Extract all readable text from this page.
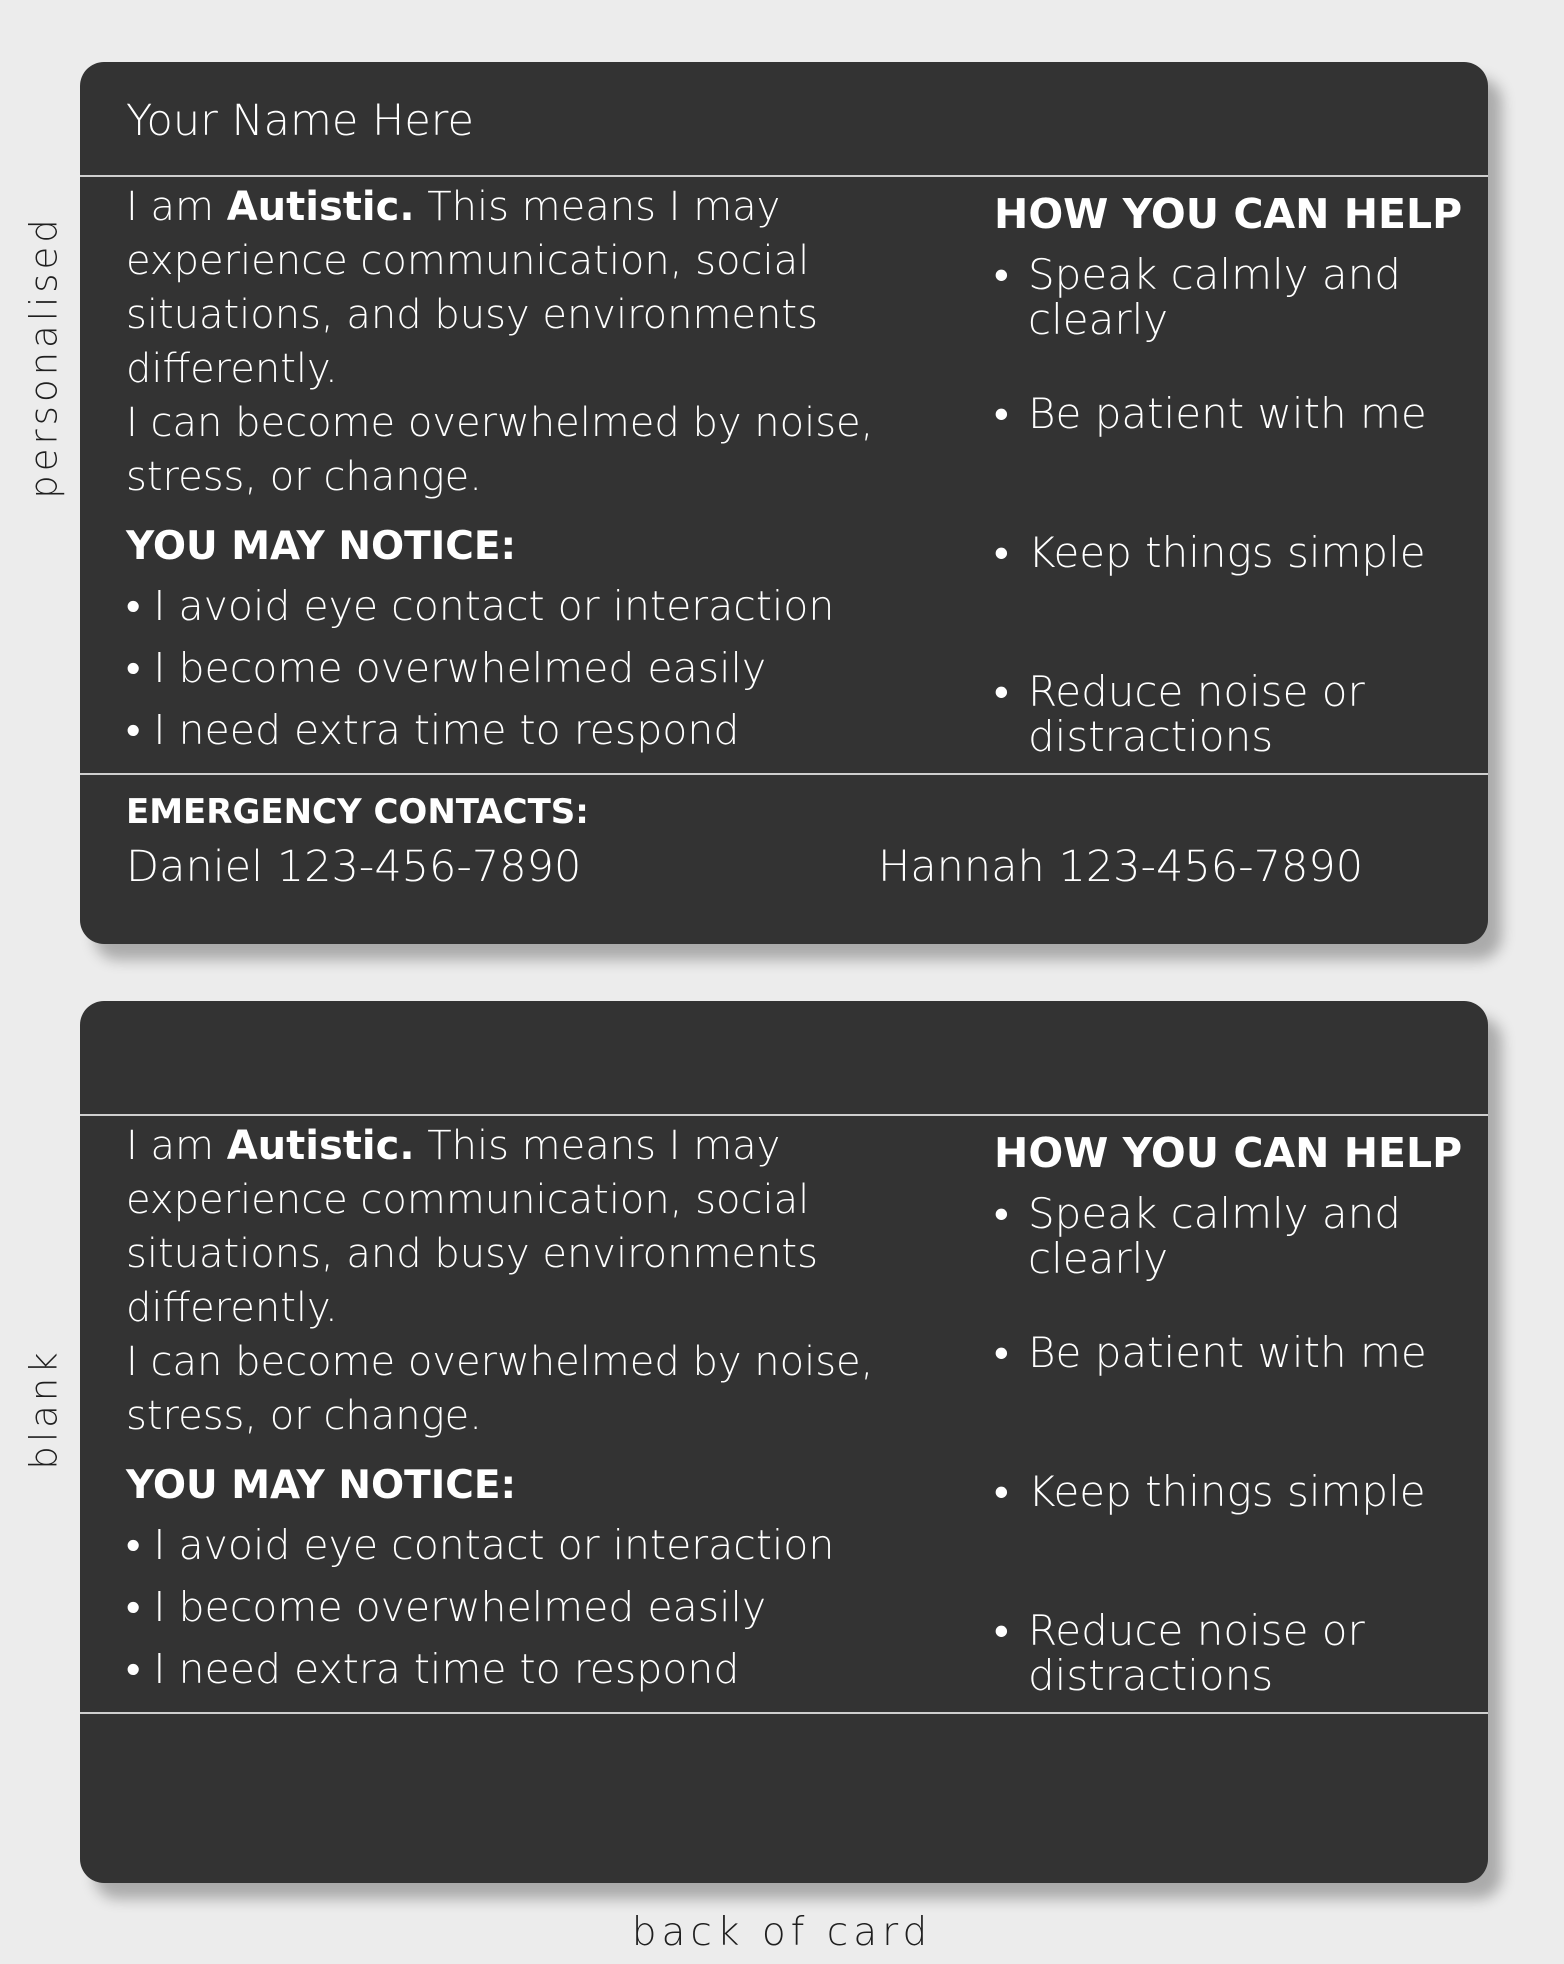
personalised
blank
Your Name Here
I am Autistic. This means I may experience communication, social situations, and busy environments differently.
I can become overwhelmed by noise, stress, or change.
YOU MAY NOTICE:
• I avoid eye contact or interaction
• I become overwhelmed easily
• I need extra time to respond
HOW YOU CAN HELP
• Speak calmly and clearly
• Be patient with me
• Keep things simple
• Reduce noise or distractions
EMERGENCY CONTACTS:
Daniel 123-456-7890	Hannah 123-456-7890
I am Autistic. This means I may experience communication, social situations, and busy environments differently.
I can become overwhelmed by noise, stress, or change.
YOU MAY NOTICE:
• I avoid eye contact or interaction
• I become overwhelmed easily
• I need extra time to respond
HOW YOU CAN HELP
• Speak calmly and clearly
• Be patient with me
• Keep things simple
• Reduce noise or distractions
back of card
